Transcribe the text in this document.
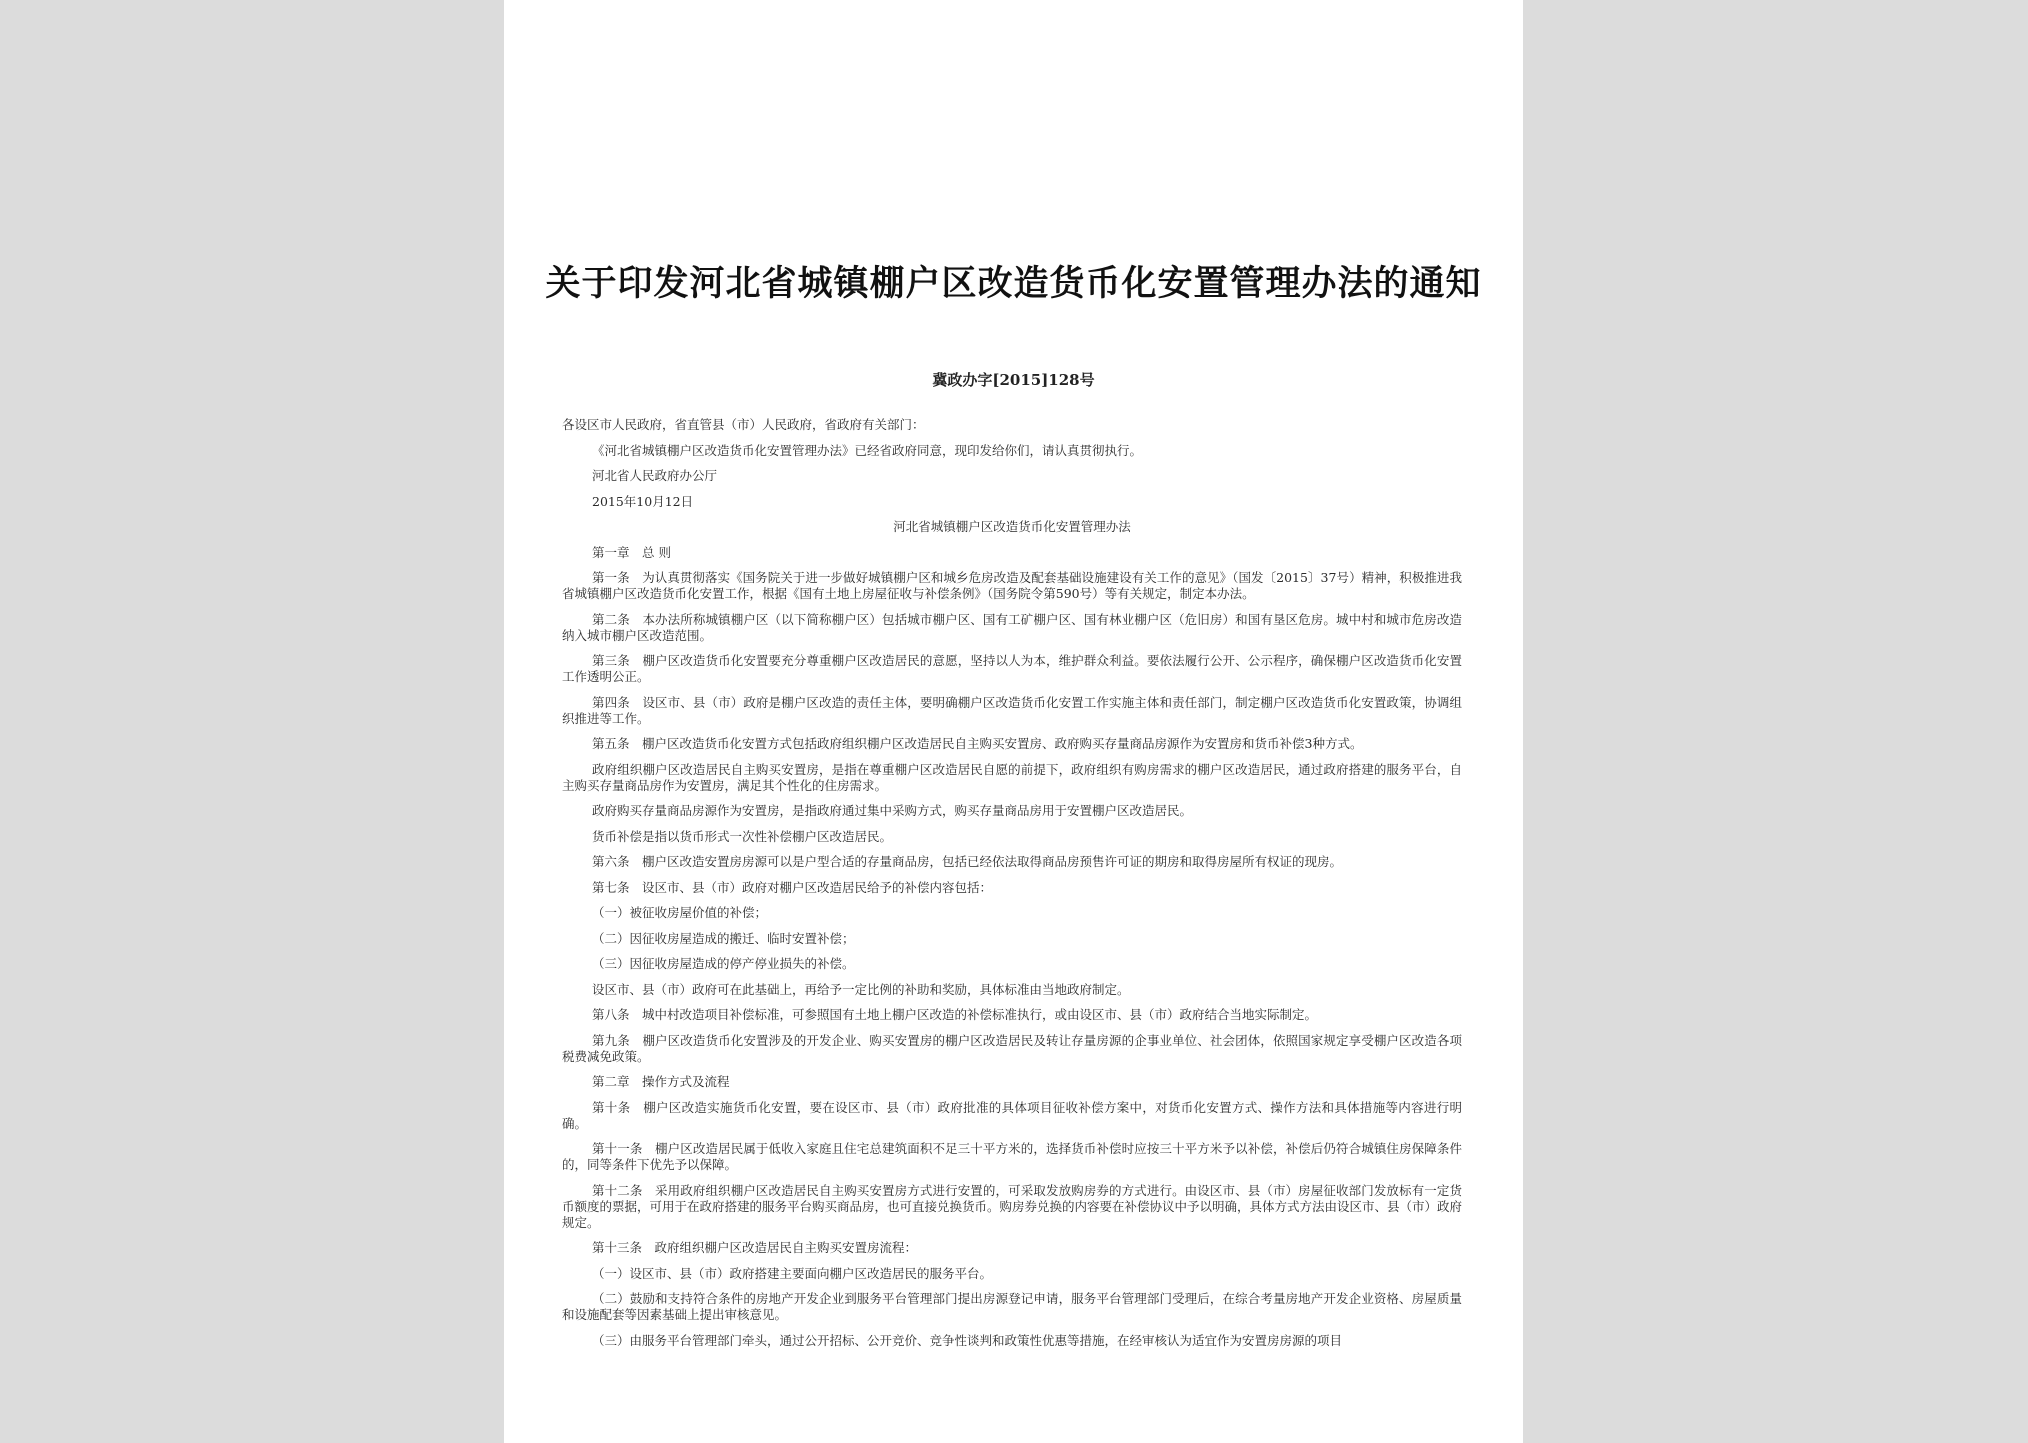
关于印发河北省城镇棚户区改造货币化安置管理办法的通知
冀政办字[2015]128号

各设区市人民政府，省直管县（市）人民政府，省政府有关部门：

《河北省城镇棚户区改造货币化安置管理办法》已经省政府同意，现印发给你们，请认真贯彻执行。

河北省人民政府办公厅

2015年10月12日

河北省城镇棚户区改造货币化安置管理办法

第一章　总 则

第一条　为认真贯彻落实《国务院关于进一步做好城镇棚户区和城乡危房改造及配套基础设施建设有关工作的意见》（国发〔2015〕37号）精神，积极推进我省城镇棚户区改造货币化安置工作，根据《国有土地上房屋征收与补偿条例》（国务院令第590号）等有关规定，制定本办法。

第二条　本办法所称城镇棚户区（以下简称棚户区）包括城市棚户区、国有工矿棚户区、国有林业棚户区（危旧房）和国有垦区危房。城中村和城市危房改造纳入城市棚户区改造范围。

第三条　棚户区改造货币化安置要充分尊重棚户区改造居民的意愿，坚持以人为本，维护群众利益。要依法履行公开、公示程序，确保棚户区改造货币化安置工作透明公正。

第四条　设区市、县（市）政府是棚户区改造的责任主体，要明确棚户区改造货币化安置工作实施主体和责任部门，制定棚户区改造货币化安置政策，协调组织推进等工作。

第五条　棚户区改造货币化安置方式包括政府组织棚户区改造居民自主购买安置房、政府购买存量商品房源作为安置房和货币补偿3种方式。

政府组织棚户区改造居民自主购买安置房，是指在尊重棚户区改造居民自愿的前提下，政府组织有购房需求的棚户区改造居民，通过政府搭建的服务平台，自主购买存量商品房作为安置房，满足其个性化的住房需求。

政府购买存量商品房源作为安置房，是指政府通过集中采购方式，购买存量商品房用于安置棚户区改造居民。

货币补偿是指以货币形式一次性补偿棚户区改造居民。

第六条　棚户区改造安置房房源可以是户型合适的存量商品房，包括已经依法取得商品房预售许可证的期房和取得房屋所有权证的现房。

第七条　设区市、县（市）政府对棚户区改造居民给予的补偿内容包括：

（一）被征收房屋价值的补偿；

（二）因征收房屋造成的搬迁、临时安置补偿；

（三）因征收房屋造成的停产停业损失的补偿。

设区市、县（市）政府可在此基础上，再给予一定比例的补助和奖励，具体标准由当地政府制定。

第八条　城中村改造项目补偿标准，可参照国有土地上棚户区改造的补偿标准执行，或由设区市、县（市）政府结合当地实际制定。

第九条　棚户区改造货币化安置涉及的开发企业、购买安置房的棚户区改造居民及转让存量房源的企事业单位、社会团体，依照国家规定享受棚户区改造各项税费减免政策。

第二章　操作方式及流程

第十条　棚户区改造实施货币化安置，要在设区市、县（市）政府批准的具体项目征收补偿方案中，对货币化安置方式、操作方法和具体措施等内容进行明确。

第十一条　棚户区改造居民属于低收入家庭且住宅总建筑面积不足三十平方米的，选择货币补偿时应按三十平方米予以补偿，补偿后仍符合城镇住房保障条件的，同等条件下优先予以保障。

第十二条　采用政府组织棚户区改造居民自主购买安置房方式进行安置的，可采取发放购房券的方式进行。由设区市、县（市）房屋征收部门发放标有一定货币额度的票据，可用于在政府搭建的服务平台购买商品房，也可直接兑换货币。购房券兑换的内容要在补偿协议中予以明确，具体方式方法由设区市、县（市）政府规定。

第十三条　政府组织棚户区改造居民自主购买安置房流程：

（一）设区市、县（市）政府搭建主要面向棚户区改造居民的服务平台。

（二）鼓励和支持符合条件的房地产开发企业到服务平台管理部门提出房源登记申请，服务平台管理部门受理后，在综合考量房地产开发企业资格、房屋质量和设施配套等因素基础上提出审核意见。

（三）由服务平台管理部门牵头，通过公开招标、公开竞价、竞争性谈判和政策性优惠等措施，在经审核认为适宜作为安置房房源的项目
